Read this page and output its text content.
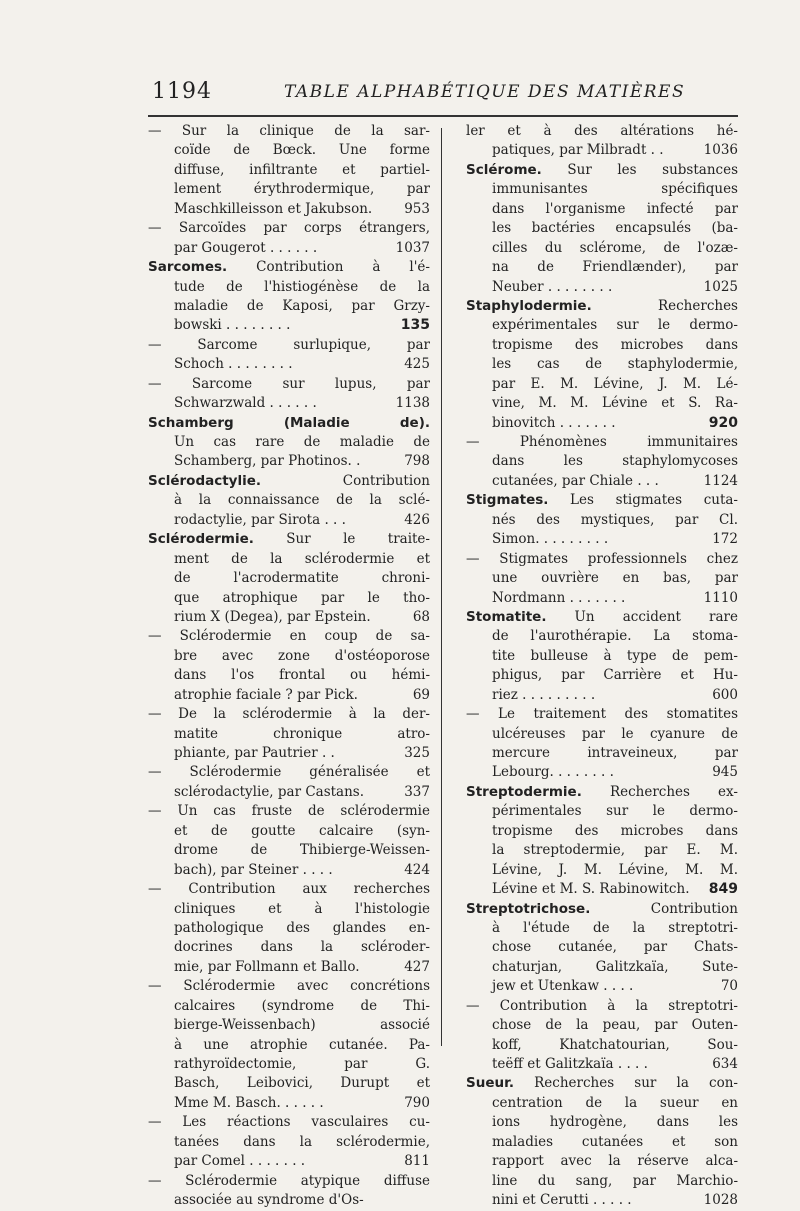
1194	TABLE ALPHABÉTIQUE DES MATIÈRES
— Sur la clinique de la sar-
coïde de Bœck. Une forme
diffuse, infiltrante et partiel-
lement érythrodermique, par
Maschkilleisson et Jakubson.	953
— Sarcoïdes par corps étrangers,
par Gougerot . . . . . .	1037
Sarcomes. Contribution à l'é-
tude de l'histiogénèse de la
maladie de Kaposi, par Grzy-
bowski . . . . . . . .	135
— Sarcome surlupique, par
Schoch . . . . . . . .	425
— Sarcome sur lupus, par
Schwarzwald . . . . . .	1138
Schamberg (Maladie de).
Un cas rare de maladie de
Schamberg, par Photinos. .	798
Sclérodactylie. Contribution
à la connaissance de la sclé-
rodactylie, par Sirota . . .	426
Sclérodermie. Sur le traite-
ment de la sclérodermie et
de l'acrodermatite chroni-
que atrophique par le tho-
rium X (Degea), par Epstein.	68
— Sclérodermie en coup de sa-
bre avec zone d'ostéoporose
dans l'os frontal ou hémi-
atrophie faciale ? par Pick.	69
— De la sclérodermie à la der-
matite chronique atro-
phiante, par Pautrier . .	325
— Sclérodermie généralisée et
sclérodactylie, par Castans.	337
— Un cas fruste de sclérodermie
et de goutte calcaire (syn-
drome de Thibierge-Weissen-
bach), par Steiner . . . .	424
— Contribution aux recherches
cliniques et à l'histologie
pathologique des glandes en-
docrines dans la scléroder-
mie, par Follmann et Ballo.	427
— Sclérodermie avec concrétions
calcaires (syndrome de Thi-
bierge-Weissenbach) associé
à une atrophie cutanée. Pa-
rathyroïdectomie, par G.
Basch, Leibovici, Durupt et
Mme M. Basch. . . . . .	790
— Les réactions vasculaires cu-
tanées dans la sclérodermie,
par Comel . . . . . . .	811
— Sclérodermie atypique diffuse
associée au syndrome d'Os-
ler et à des altérations hé-
patiques, par Milbradt . .	1036
Sclérome. Sur les substances
immunisantes spécifiques
dans l'organisme infecté par
les bactéries encapsulés (ba-
cilles du sclérome, de l'ozæ-
na de Friendlænder), par
Neuber . . . . . . . .	1025
Staphylodermie. Recherches
expérimentales sur le dermo-
tropisme des microbes dans
les cas de staphylodermie,
par E. M. Lévine, J. M. Lé-
vine, M. M. Lévine et S. Ra-
binovitch . . . . . . .	920
— Phénomènes immunitaires
dans les staphylomycoses
cutanées, par Chiale . . .	1124
Stigmates. Les stigmates cuta-
nés des mystiques, par Cl.
Simon. . . . . . . . .	172
— Stigmates professionnels chez
une ouvrière en bas, par
Nordmann . . . . . . .	1110
Stomatite. Un accident rare
de l'aurothérapie. La stoma-
tite bulleuse à type de pem-
phigus, par Carrière et Hu-
riez . . . . . . . . .	600
— Le traitement des stomatites
ulcéreuses par le cyanure de
mercure intraveineux, par
Lebourg. . . . . . . .	945
Streptodermie. Recherches ex-
périmentales sur le dermo-
tropisme des microbes dans
la streptodermie, par E. M.
Lévine, J. M. Lévine, M. M.
Lévine et M. S. Rabinowitch.	849
Streptotrichose. Contribution
à l'étude de la streptotri-
chose cutanée, par Chats-
chaturjan, Galitzkaïa, Sute-
jew et Utenkaw . . . .	70
— Contribution à la streptotri-
chose de la peau, par Outen-
koff, Khatchatourian, Sou-
teëff et Galitzkaïa . . . .	634
Sueur. Recherches sur la con-
centration de la sueur en
ions hydrogène, dans les
maladies cutanées et son
rapport avec la réserve alca-
line du sang, par Marchio-
nini et Cerutti . . . . .	1028
